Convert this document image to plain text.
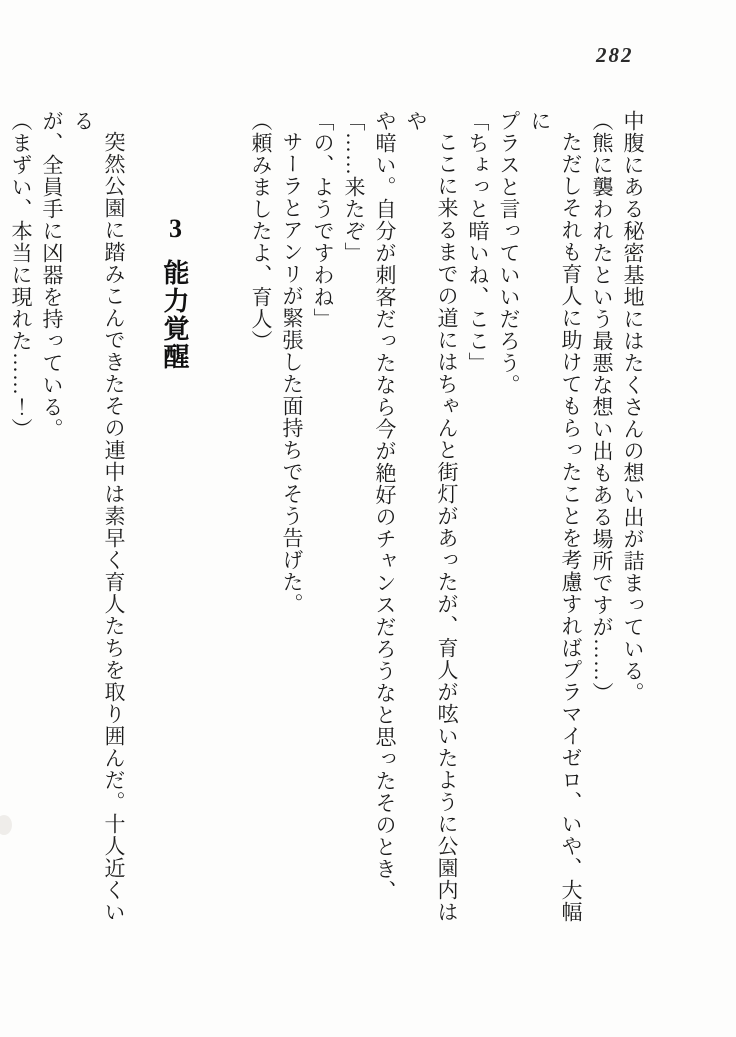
282

中腹にある秘密基地にはたくさんの想い出が詰まっている。

（熊に襲われたという最悪な想い出もある場所ですが……）

ただしそれも育人に助けてもらったことを考慮すればプラマイゼロ、いや、大幅に

プラスと言っていいだろう。

「ちょっと暗いね、ここ」

ここに来るまでの道にはちゃんと街灯があったが、育人が呟いたように公園内はや

や暗い。自分が刺客だったなら今が絶好のチャンスだろうなと思ったそのとき、

「……来たぞ」

「の、ようですわね」

サーラとアンリが緊張した面持ちでそう告げた。

（頼みましたよ、育人）

3能力覚醒

突然公園に踏みこんできたその連中は素早く育人たちを取り囲んだ。十人近くいる

が、全員手に凶器を持っている。

（まずい、本当に現れた……！）
